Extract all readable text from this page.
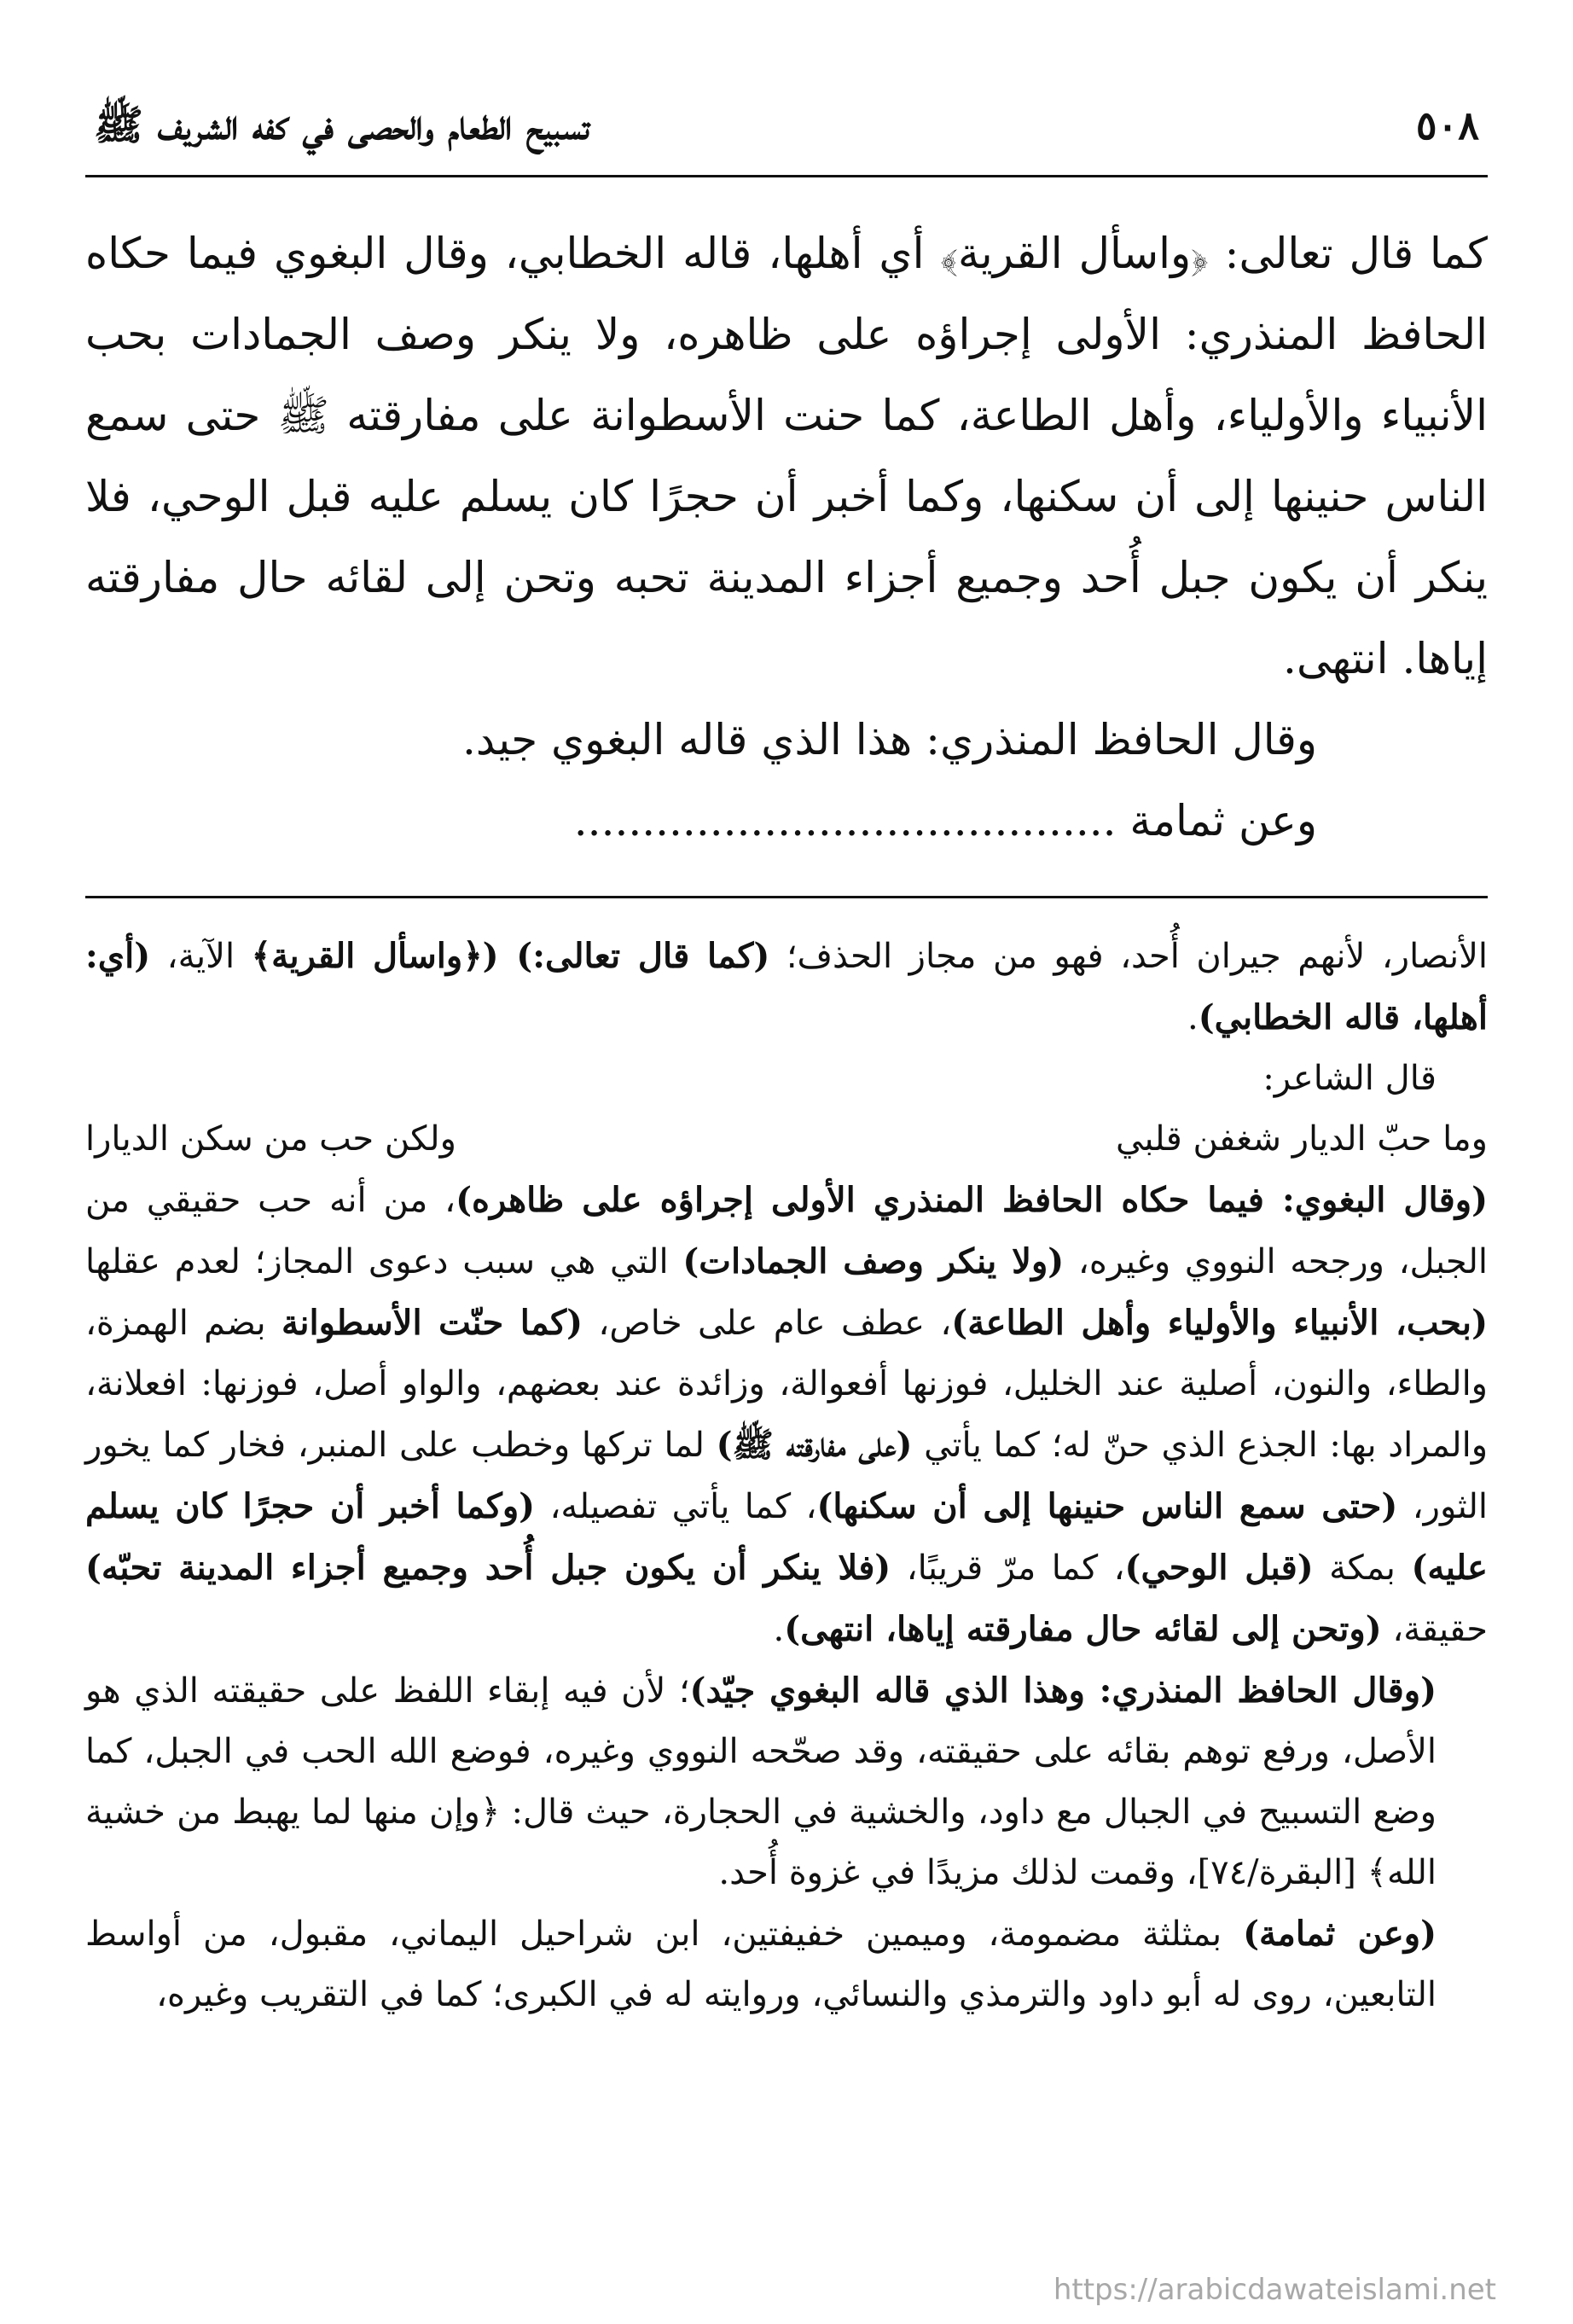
٥٠٨
تسبيح الطعام والحصى في كفه الشريف ﷺ

كما قال تعالى: ﴿واسأل القرية﴾ أي أهلها، قاله الخطابي، وقال البغوي فيما حكاه الحافظ المنذري: الأولى إجراؤه على ظاهره، ولا ينكر وصف الجمادات بحب الأنبياء والأولياء، وأهل الطاعة، كما حنت الأسطوانة على مفارقته ﷺ حتى سمع الناس حنينها إلى أن سكنها، وكما أخبر أن حجرًا كان يسلم عليه قبل الوحي، فلا ينكر أن يكون جبل أُحد وجميع أجزاء المدينة تحبه وتحن إلى لقائه حال مفارقته إياها. انتهى.

وقال الحافظ المنذري: هذا الذي قاله البغوي جيد.

وعن ثمامة ........................................

الأنصار، لأنهم جيران أُحد، فهو من مجاز الحذف؛ (كما قال تعالى:) (﴿واسأل القرية﴾ الآية، (أي: أهلها، قاله الخطابي).

قال الشاعر:

وما حبّ الديار شغفن قلبي
ولكن حب من سكن الديارا

(وقال البغوي: فيما حكاه الحافظ المنذري الأولى إجراؤه على ظاهره)، من أنه حب حقيقي من الجبل، ورجحه النووي وغيره، (ولا ينكر وصف الجمادات) التي هي سبب دعوى المجاز؛ لعدم عقلها (بحب، الأنبياء والأولياء وأهل الطاعة)، عطف عام على خاص، (كما حنّت الأسطوانة بضم الهمزة، والطاء، والنون، أصلية عند الخليل، فوزنها أفعوالة، وزائدة عند بعضهم، والواو أصل، فوزنها: افعلانة، والمراد بها: الجذع الذي حنّ له؛ كما يأتي (على مفارقته ﷺ) لما تركها وخطب على المنبر، فخار كما يخور الثور، (حتى سمع الناس حنينها إلى أن سكنها)، كما يأتي تفصيله، (وكما أخبر أن حجرًا كان يسلم عليه) بمكة (قبل الوحي)، كما مرّ قريبًا، (فلا ينكر أن يكون جبل أُحد وجميع أجزاء المدينة تحبّه) حقيقة، (وتحن إلى لقائه حال مفارقته إياها، انتهى).

(وقال الحافظ المنذري: وهذا الذي قاله البغوي جيّد)؛ لأن فيه إبقاء اللفظ على حقيقته الذي هو الأصل، ورفع توهم بقائه على حقيقته، وقد صحّحه النووي وغيره، فوضع الله الحب في الجبل، كما وضع التسبيح في الجبال مع داود، والخشية في الحجارة، حيث قال: ﴿وإن منها لما يهبط من خشية الله﴾ [البقرة/٧٤]، وقمت لذلك مزيدًا في غزوة أُحد.

(وعن ثمامة) بمثلثة مضمومة، وميمين خفيفتين، ابن شراحيل اليماني، مقبول، من أواسط التابعين، روى له أبو داود والترمذي والنسائي، وروايته له في الكبرى؛ كما في التقريب وغيره،

https://arabicdawateislami.net
